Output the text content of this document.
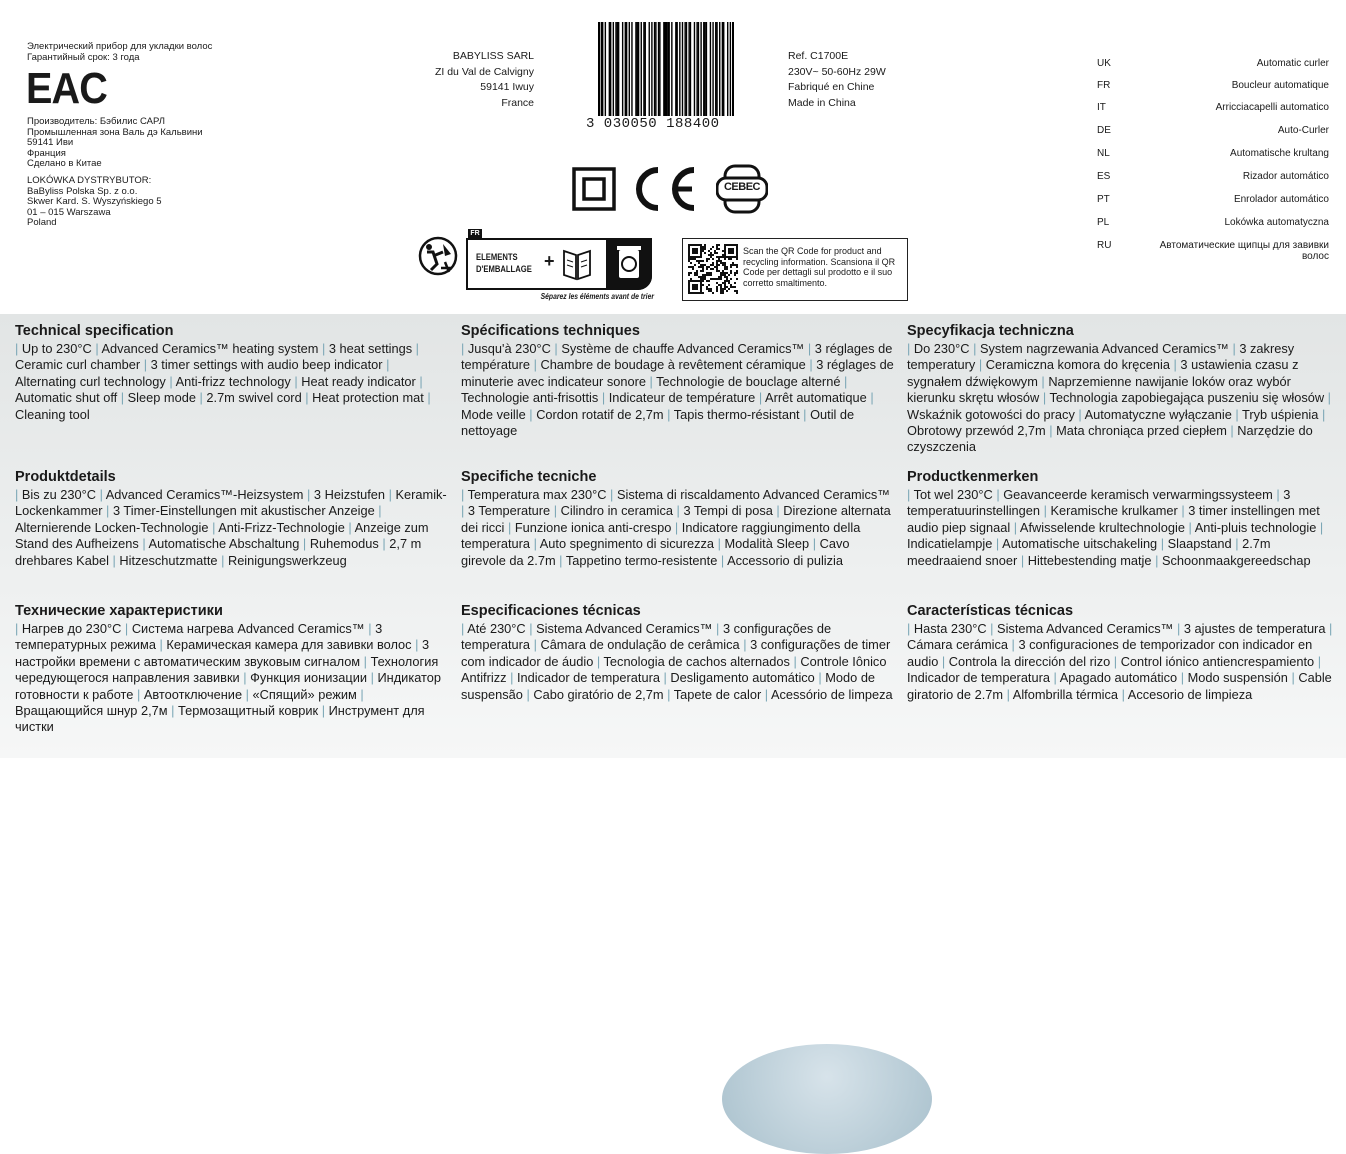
Электрический прибор для укладки волос
Гарантийный срок: 3 года
EAC
Производитель: Бэбилис САРЛ
Промышленная зона Валь дэ Кальвини
59141 Иви
Франция
Сделано в Китае
LOKÓWKA DYSTRYBUTOR:
BaByliss Polska Sp. z o.o.
Skwer Kard. S. Wyszyńskiego 5
01 – 015 Warszawa
Poland
BABYLISS SARL
ZI du Val de Calvigny
59141 Iwuy
France
3 030050 188400
Ref. C1700E
230V~ 50-60Hz 29W
Fabriqué en Chine
Made in China
CEBEC
FR
ELEMENTS
D'EMBALLAGE +
Séparez les éléments avant de trier
Scan the QR Code for product and recycling information. Scansiona il QR Code per dettagli sul prodotto e il suo corretto smaltimento.
UK	Automatic curler
FR	Boucleur automatique
IT	Arricciacapelli automatico
DE	Auto-Curler
NL	Automatische krultang
ES	Rizador automático
PT	Enrolador automático
PL	Lokówka automatyczna
RU	Автоматические щипцы для завивки волос
Technical specification

| Up to 230°C | Advanced Ceramics™ heating system | 3 heat settings | Ceramic curl chamber | 3 timer settings with audio beep indicator | Alternating curl technology | Anti-frizz technology | Heat ready indicator | Automatic shut off | Sleep mode | 2.7m swivel cord | Heat protection mat | Cleaning tool

Spécifications techniques

| Jusqu'à 230°C | Système de chauffe Advanced Ceramics™ | 3 réglages de température | Chambre de boudage à revêtement céramique | 3 réglages de minuterie avec indicateur sonore | Technologie de bouclage alterné | Technologie anti-frisottis | Indicateur de température | Arrêt automatique | Mode veille | Cordon rotatif de 2,7m | Tapis thermo-résistant | Outil de nettoyage

Specyfikacja techniczna

| Do 230°C | System nagrzewania Advanced Ceramics™ | 3 zakresy temperatury | Ceramiczna komora do kręcenia | 3 ustawienia czasu z sygnałem dźwiękowym | Naprzemienne nawijanie loków oraz wybór kierunku skrętu włosów | Technologia zapobiegająca puszeniu się włosów | Wskaźnik gotowości do pracy | Automatyczne wyłączanie | Tryb uśpienia | Obrotowy przewód 2,7m | Mata chroniąca przed ciepłem | Narzędzie do czyszczenia

Produktdetails

| Bis zu 230°C | Advanced Ceramics™-Heizsystem | 3 Heizstufen | Keramik-Lockenkammer | 3 Timer-Einstellungen mit akustischer Anzeige | Alternierende Locken-Technologie | Anti-Frizz-Technologie | Anzeige zum Stand des Aufheizens | Automatische Abschaltung | Ruhemodus | 2,7 m drehbares Kabel | Hitzeschutzmatte | Reinigungswerkzeug

Specifiche tecniche

| Temperatura max 230°C | Sistema di riscaldamento Advanced Ceramics™ | 3 Temperature | Cilindro in ceramica | 3 Tempi di posa | Direzione alternata dei ricci | Funzione ionica anti-crespo | Indicatore raggiungimento della temperatura | Auto spegnimento di sicurezza | Modalità Sleep | Cavo girevole da 2.7m | Tappetino termo-resistente | Accessorio di pulizia

Productkenmerken

| Tot wel 230°C | Geavanceerde keramisch verwarmingssysteem | 3 temperatuurinstellingen | Keramische krulkamer | 3 timer instellingen met audio piep signaal | Afwisselende krultechnologie | Anti-pluis technologie | Indicatielampje | Automatische uitschakeling | Slaapstand | 2.7m meedraaiend snoer | Hittebestending matje | Schoonmaakgereedschap

Технические характеристики

| Нагрев до 230°C | Система нагрева Advanced Ceramics™ | 3 температурных режима | Керамическая камера для завивки волос | 3 настройки времени с автоматическим звуковым сигналом | Технология чередующегося направления завивки | Функция ионизации | Индикатор готовности к работе | Автоотключение | «Спящий» режим | Вращающийся шнур 2,7м | Термозащитный коврик | Инструмент для чистки

Especificaciones técnicas

| Até 230°C | Sistema Advanced Ceramics™ | 3 configurações de temperatura | Câmara de ondulação de cerâmica | 3 configurações de timer com indicador de áudio | Tecnologia de cachos alternados | Controle Iônico Antifrizz | Indicador de temperatura | Desligamento automático | Modo de suspensão | Cabo giratório de 2,7m | Tapete de calor | Acessório de limpeza

Características técnicas

| Hasta 230°C | Sistema Advanced Ceramics™ | 3 ajustes de temperatura | Cámara cerámica | 3 configuraciones de temporizador con indicador en audio | Controla la dirección del rizo | Control iónico antiencrespamiento | Indicador de temperatura | Apagado automático | Modo suspensión | Cable giratorio de 2.7m | Alfombrilla térmica | Accesorio de limpieza
